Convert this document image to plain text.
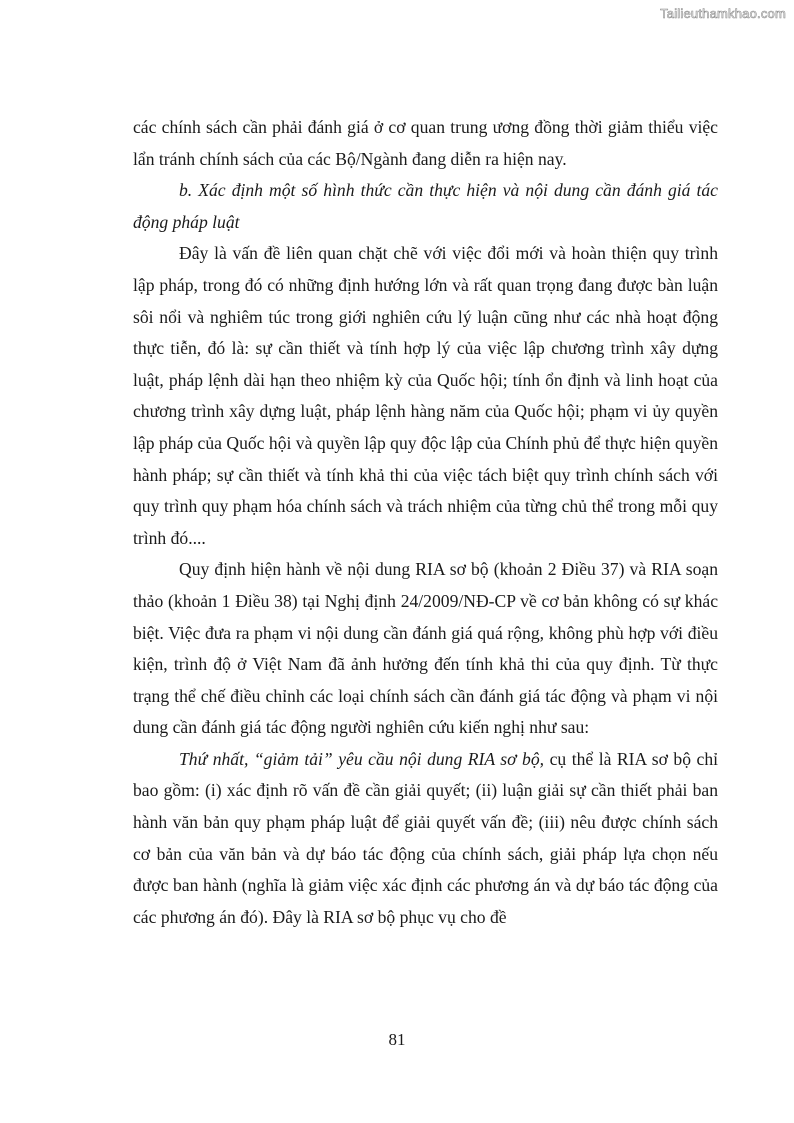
Tailieuthamkhao.com

các chính sách cần phải đánh giá ở cơ quan trung ương đồng thời giảm thiểu việc lẩn tránh chính sách của các Bộ/Ngành đang diễn ra hiện nay.

b. Xác định một số hình thức cần thực hiện và nội dung cần đánh giá tác động pháp luật

Đây là vấn đề liên quan chặt chẽ với việc đổi mới và hoàn thiện quy trình lập pháp, trong đó có những định hướng lớn và rất quan trọng đang được bàn luận sôi nổi và nghiêm túc trong giới nghiên cứu lý luận cũng như các nhà hoạt động thực tiễn, đó là: sự cần thiết và tính hợp lý của việc lập chương trình xây dựng luật, pháp lệnh dài hạn theo nhiệm kỳ của Quốc hội; tính ổn định và linh hoạt của chương trình xây dựng luật, pháp lệnh hàng năm của Quốc hội; phạm vi ủy quyền lập pháp của Quốc hội và quyền lập quy độc lập của Chính phủ để thực hiện quyền hành pháp; sự cần thiết và tính khả thi của việc tách biệt quy trình chính sách với quy trình quy phạm hóa chính sách và trách nhiệm của từng chủ thể trong mỗi quy trình đó....

Quy định hiện hành về nội dung RIA sơ bộ (khoản 2 Điều 37) và RIA soạn thảo (khoản 1 Điều 38) tại Nghị định 24/2009/NĐ-CP về cơ bản không có sự khác biệt. Việc đưa ra phạm vi nội dung cần đánh giá quá rộng, không phù hợp với điều kiện, trình độ ở Việt Nam đã ảnh hưởng đến tính khả thi của quy định. Từ thực trạng thể chế điều chỉnh các loại chính sách cần đánh giá tác động và phạm vi nội dung cần đánh giá tác động người nghiên cứu kiến nghị như sau:

Thứ nhất, “giảm tải” yêu cầu nội dung RIA sơ bộ, cụ thể là RIA sơ bộ chỉ bao gồm: (i) xác định rõ vấn đề cần giải quyết; (ii) luận giải sự cần thiết phải ban hành văn bản quy phạm pháp luật để giải quyết vấn đề; (iii) nêu được chính sách cơ bản của văn bản và dự báo tác động của chính sách, giải pháp lựa chọn nếu được ban hành (nghĩa là giảm việc xác định các phương án và dự báo tác động của các phương án đó). Đây là RIA sơ bộ phục vụ cho đề

81
